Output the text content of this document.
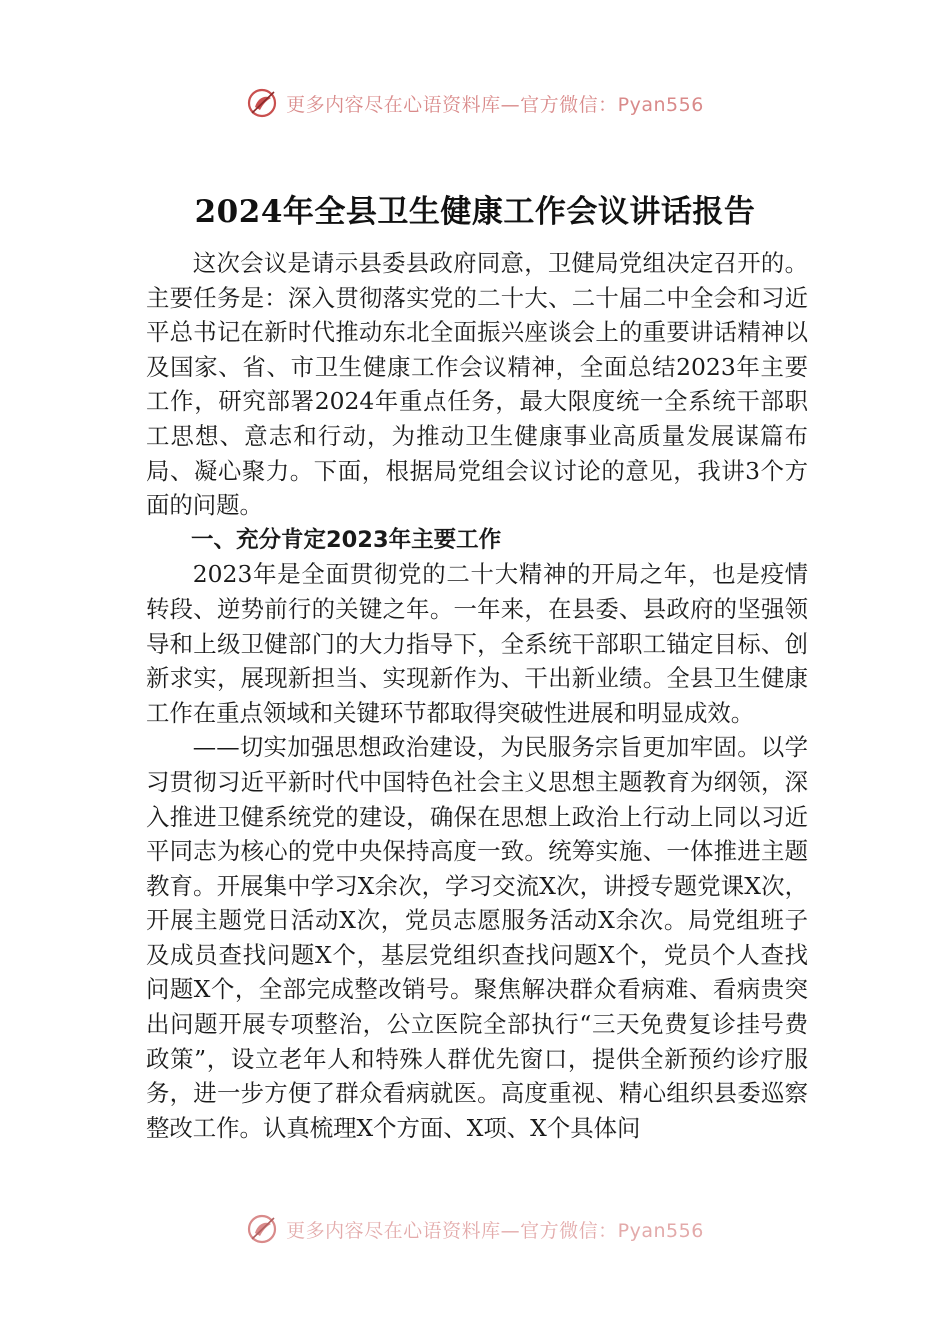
更多内容尽在心语资料库—官方微信：Pyan556
2024年全县卫生健康工作会议讲话报告

这次会议是请示县委县政府同意，卫健局党组决定召开的。主要任务是：深入贯彻落实党的二十大、二十届二中全会和习近平总书记在新时代推动东北全面振兴座谈会上的重要讲话精神以及国家、省、市卫生健康工作会议精神，全面总结2023年主要工作，研究部署2024年重点任务，最大限度统一全系统干部职工思想、意志和行动，为推动卫生健康事业高质量发展谋篇布局、凝心聚力。下面，根据局党组会议讨论的意见，我讲3个方面的问题。

一、充分肯定2023年主要工作

2023年是全面贯彻党的二十大精神的开局之年，也是疫情转段、逆势前行的关键之年。一年来，在县委、县政府的坚强领导和上级卫健部门的大力指导下，全系统干部职工锚定目标、创新求实，展现新担当、实现新作为、干出新业绩。全县卫生健康工作在重点领域和关键环节都取得突破性进展和明显成效。

——切实加强思想政治建设，为民服务宗旨更加牢固。以学习贯彻习近平新时代中国特色社会主义思想主题教育为纲领，深入推进卫健系统党的建设，确保在思想上政治上行动上同以习近平同志为核心的党中央保持高度一致。统筹实施、一体推进主题教育。开展集中学习X余次，学习交流X次，讲授专题党课X次，开展主题党日活动X次，党员志愿服务活动X余次。局党组班子及成员查找问题X个，基层党组织查找问题X个，党员个人查找问题X个，全部完成整改销号。聚焦解决群众看病难、看病贵突出问题开展专项整治，公立医院全部执行“三天免费复诊挂号费政策”，设立老年人和特殊人群优先窗口，提供全新预约诊疗服务，进一步方便了群众看病就医。高度重视、精心组织县委巡察整改工作。认真梳理X个方面、X项、X个具体问

更多内容尽在心语资料库—官方微信：Pyan556
